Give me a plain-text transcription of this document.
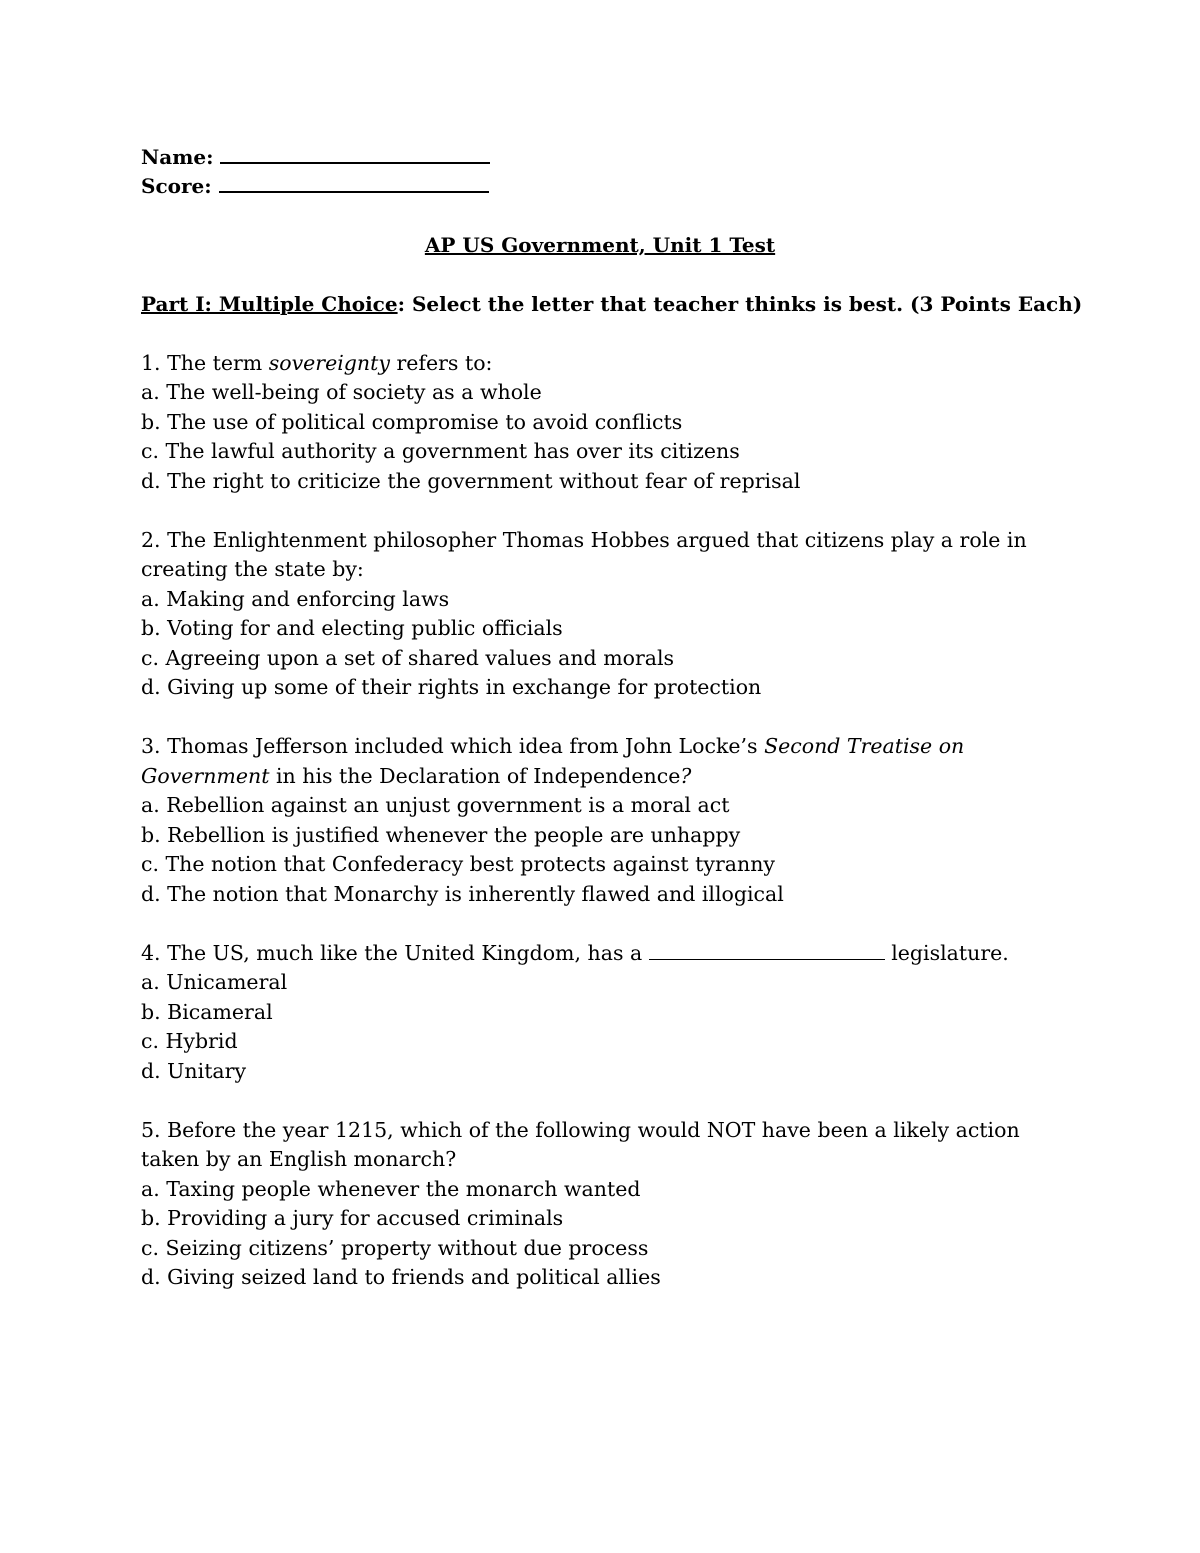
Name:
Score:
AP US Government, Unit 1 Test
Part I: Multiple Choice: Select the letter that teacher thinks is best. (3 Points Each)
1. The term sovereignty refers to:
a. The well-being of society as a whole
b. The use of political compromise to avoid conflicts
c. The lawful authority a government has over its citizens
d. The right to criticize the government without fear of reprisal
2. The Enlightenment philosopher Thomas Hobbes argued that citizens play a role in creating the state by:
a. Making and enforcing laws
b. Voting for and electing public officials
c. Agreeing upon a set of shared values and morals
d. Giving up some of their rights in exchange for protection
3. Thomas Jefferson included which idea from John Locke’s Second Treatise on Government in his the Declaration of Independence?
a. Rebellion against an unjust government is a moral act
b. Rebellion is justified whenever the people are unhappy
c. The notion that Confederacy best protects against tyranny
d. The notion that Monarchy is inherently flawed and illogical
4. The US, much like the United Kingdom, has a	legislature.
a. Unicameral
b. Bicameral
c. Hybrid
d. Unitary
5. Before the year 1215, which of the following would NOT have been a likely action taken by an English monarch?
a. Taxing people whenever the monarch wanted
b. Providing a jury for accused criminals
c. Seizing citizens’ property without due process
d. Giving seized land to friends and political allies
